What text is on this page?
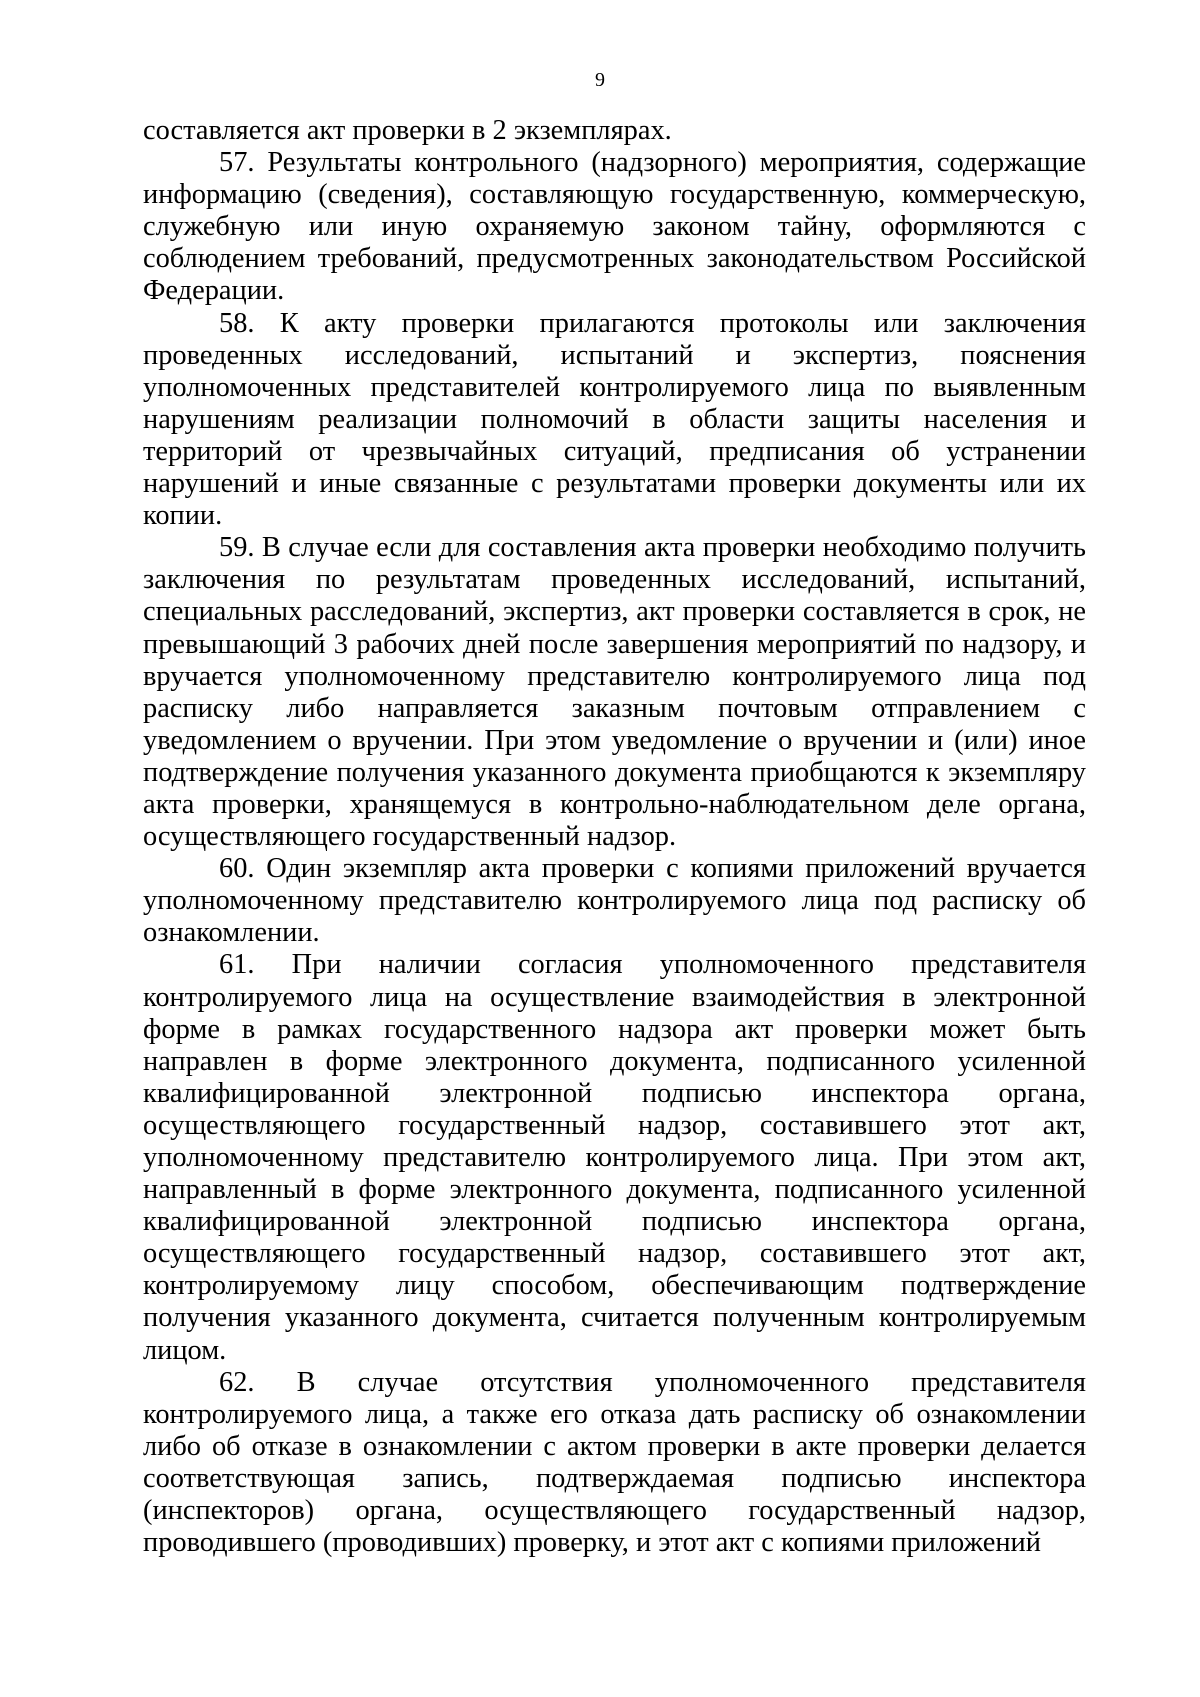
9

составляется акт проверки в 2 экземплярах.

57. Результаты контрольного (надзорного) мероприятия, содержащие информацию (сведения), составляющую государственную, коммерческую, служебную или иную охраняемую законом тайну, оформляются с соблюдением требований, предусмотренных законодательством Российской Федерации.

58. К акту проверки прилагаются протоколы или заключения проведенных исследований, испытаний и экспертиз, пояснения уполномоченных представителей контролируемого лица по выявленным нарушениям реализации полномочий в области защиты населения и территорий от чрезвычайных ситуаций, предписания об устранении нарушений и иные связанные с результатами проверки документы или их копии.

59. В случае если для составления акта проверки необходимо получить заключения по результатам проведенных исследований, испытаний, специальных расследований, экспертиз, акт проверки составляется в срок, не превышающий 3 рабочих дней после завершения мероприятий по надзору, и вручается уполномоченному представителю контролируемого лица под расписку либо направляется заказным почтовым отправлением с уведомлением о вручении. При этом уведомление о вручении и (или) иное подтверждение получения указанного документа приобщаются к экземпляру акта проверки, хранящемуся в контрольно-наблюдательном деле органа, осуществляющего государственный надзор.

60. Один экземпляр акта проверки с копиями приложений вручается уполномоченному представителю контролируемого лица под расписку об ознакомлении.

61. При наличии согласия уполномоченного представителя контролируемого лица на осуществление взаимодействия в электронной форме в рамках государственного надзора акт проверки может быть направлен в форме электронного документа, подписанного усиленной квалифицированной электронной подписью инспектора органа, осуществляющего государственный надзор, составившего этот акт, уполномоченному представителю контролируемого лица. При этом акт, направленный в форме электронного документа, подписанного усиленной квалифицированной электронной подписью инспектора органа, осуществляющего государственный надзор, составившего этот акт, контролируемому лицу способом, обеспечивающим подтверждение получения указанного документа, считается полученным контролируемым лицом.

62. В случае отсутствия уполномоченного представителя контролируемого лица, а также его отказа дать расписку об ознакомлении либо об отказе в ознакомлении с актом проверки в акте проверки делается соответствующая запись, подтверждаемая подписью инспектора (инспекторов) органа, осуществляющего государственный надзор, проводившего (проводивших) проверку, и этот акт с копиями приложений
